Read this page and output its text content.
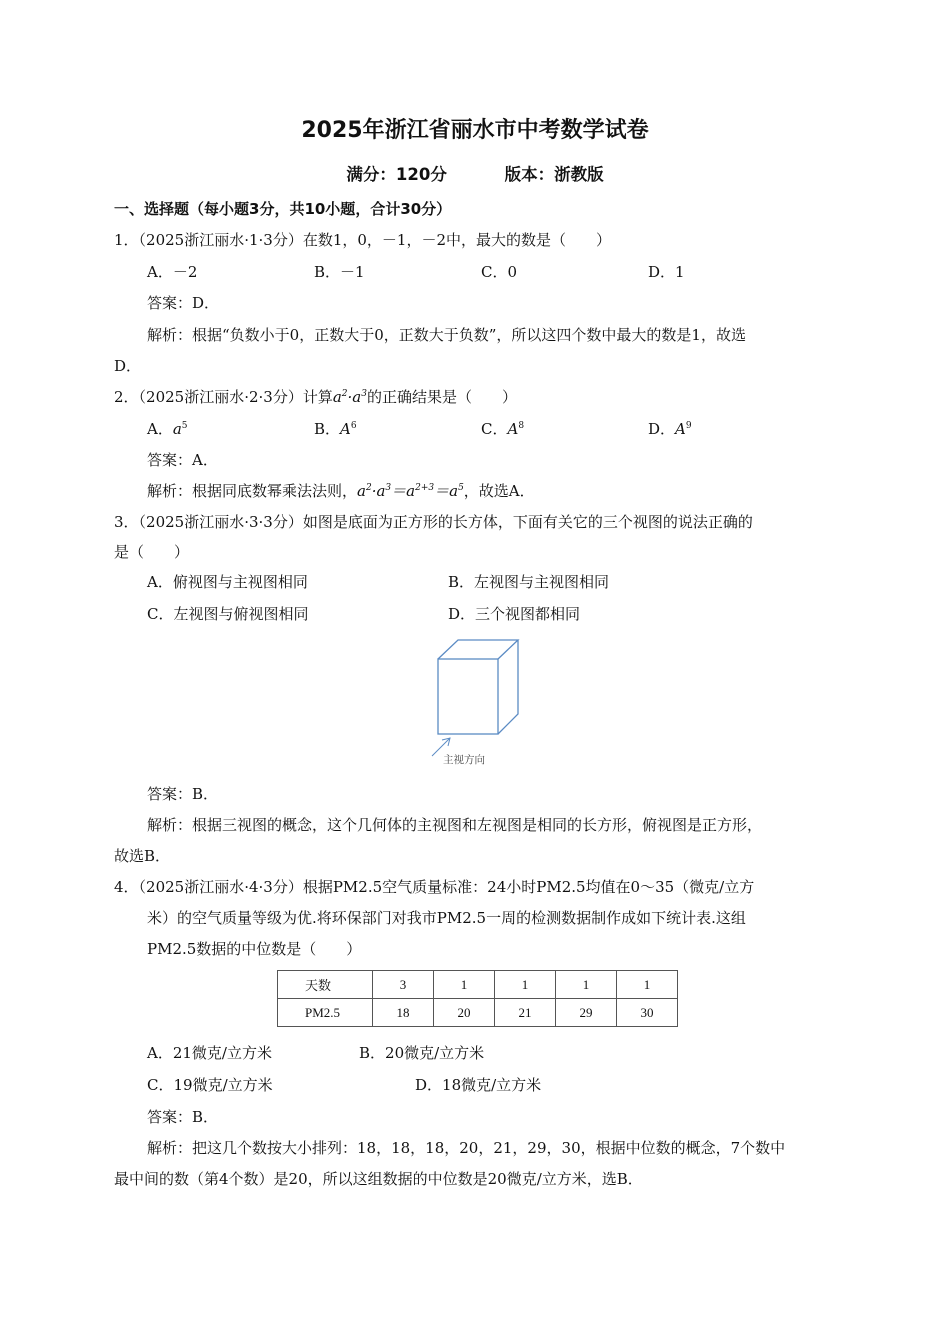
2025年浙江省丽水市中考数学试卷
满分：120分	版本：浙教版
一、选择题（每小题3分，共10小题，合计30分）
1．（2025浙江丽水·1·3分）在数1，0，－1，－2中，最大的数是（　　）
A．－2	B．－1	C．0	D．1
答案：D．
解析：根据“负数小于0，正数大于0，正数大于负数”，所以这四个数中最大的数是1，故选
D．
2．（2025浙江丽水·2·3分）计算$a^2\cdot a^3$的正确结果是（　　）
A．$a^5$	B．$A^6$	C．$A^8$	D．$A^9$
答案：A．
解析：根据同底数幂乘法法则，$a^2\cdot a^3=a^{2+3}=a^5$，故选A．
3．（2025浙江丽水·3·3分）如图是底面为正方形的长方体，下面有关它的三个视图的说法正确的
是（　　）
A．俯视图与主视图相同	B．左视图与主视图相同
C．左视图与俯视图相同	D．三个视图都相同
主视方向
答案：B．
解析：根据三视图的概念，这个几何体的主视图和左视图是相同的长方形，俯视图是正方形，
故选B．
4．（2025浙江丽水·4·3分）根据PM2.5空气质量标准：24小时PM2.5均值在0～35（微克/立方
米）的空气质量等级为优.将环保部门对我市PM2.5一周的检测数据制作成如下统计表.这组
PM2.5数据的中位数是（　　）
天数	3	1	1	1	1
PM2.5	18	20	21	29	30
A．21微克/立方米	B．20微克/立方米
C．19微克/立方米	D．18微克/立方米
答案：B．
解析：把这几个数按大小排列：18，18，18，20，21，29，30，根据中位数的概念，7个数中
最中间的数（第4个数）是20，所以这组数据的中位数是20微克/立方米，选B．
